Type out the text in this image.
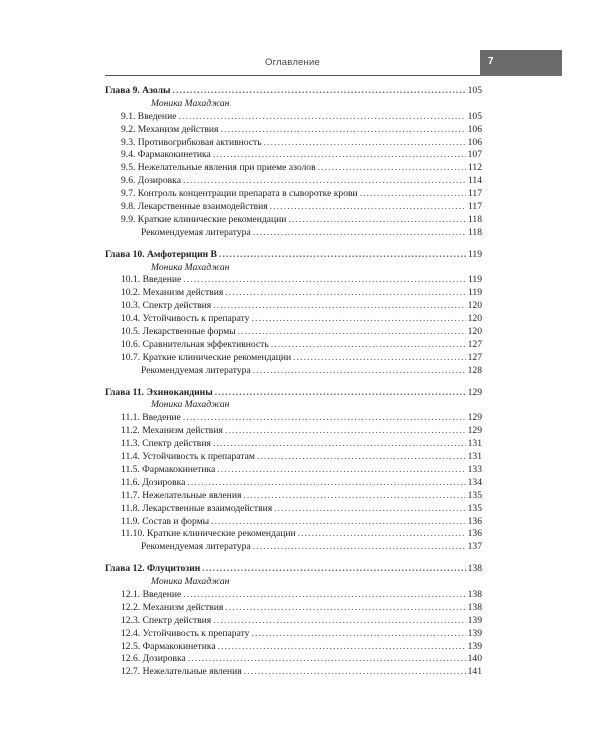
Оглавление	7
Глава 9. Азолы .....	105
Моника Махаджан
9.1. Введение .....	105
9.2. Механизм действия .....	106
9.3. Противогрибковая активность .....	106
9.4. Фармакокинетика .....	107
9.5. Нежелательные явления при приеме азолов .....	112
9.6. Дозировка .....	114
9.7. Контроль концентрации препарата в сыворотке крови .....	117
9.8. Лекарственные взаимодействия .....	117
9.9. Краткие клинические рекомендации .....	118
Рекомендуемая литература .....	118
Глава 10. Амфотерицин B .....	119
Моника Махаджан
10.1. Введение .....	119
10.2. Механизм действия .....	119
10.3. Спектр действия .....	120
10.4. Устойчивость к препарату .....	120
10.5. Лекарственные формы .....	120
10.6. Сравнительная эффективность .....	127
10.7. Краткие клинические рекомендации .....	127
Рекомендуемая литература .....	128
Глава 11. Эхинокандины .....	129
Моника Махаджан
11.1. Введение .....	129
11.2. Механизм действия .....	129
11.3. Спектр действия .....	131
11.4. Устойчивость к препаратам .....	131
11.5. Фармакокинетика .....	133
11.6. Дозировка .....	134
11.7. Нежелательные явления .....	135
11.8. Лекарственные взаимодействия .....	135
11.9. Состав и формы .....	136
11.10. Краткие клинические рекомендации .....	136
Рекомендуемая литература .....	137
Глава 12. Флуцитозин .....	138
Моника Махаджан
12.1. Введение .....	138
12.2. Механизм действия .....	138
12.3. Спектр действия .....	139
12.4. Устойчивость к препарату .....	139
12.5. Фармакокинетика .....	139
12.6. Дозировка .....	140
12.7. Нежелательные явления .....	141
